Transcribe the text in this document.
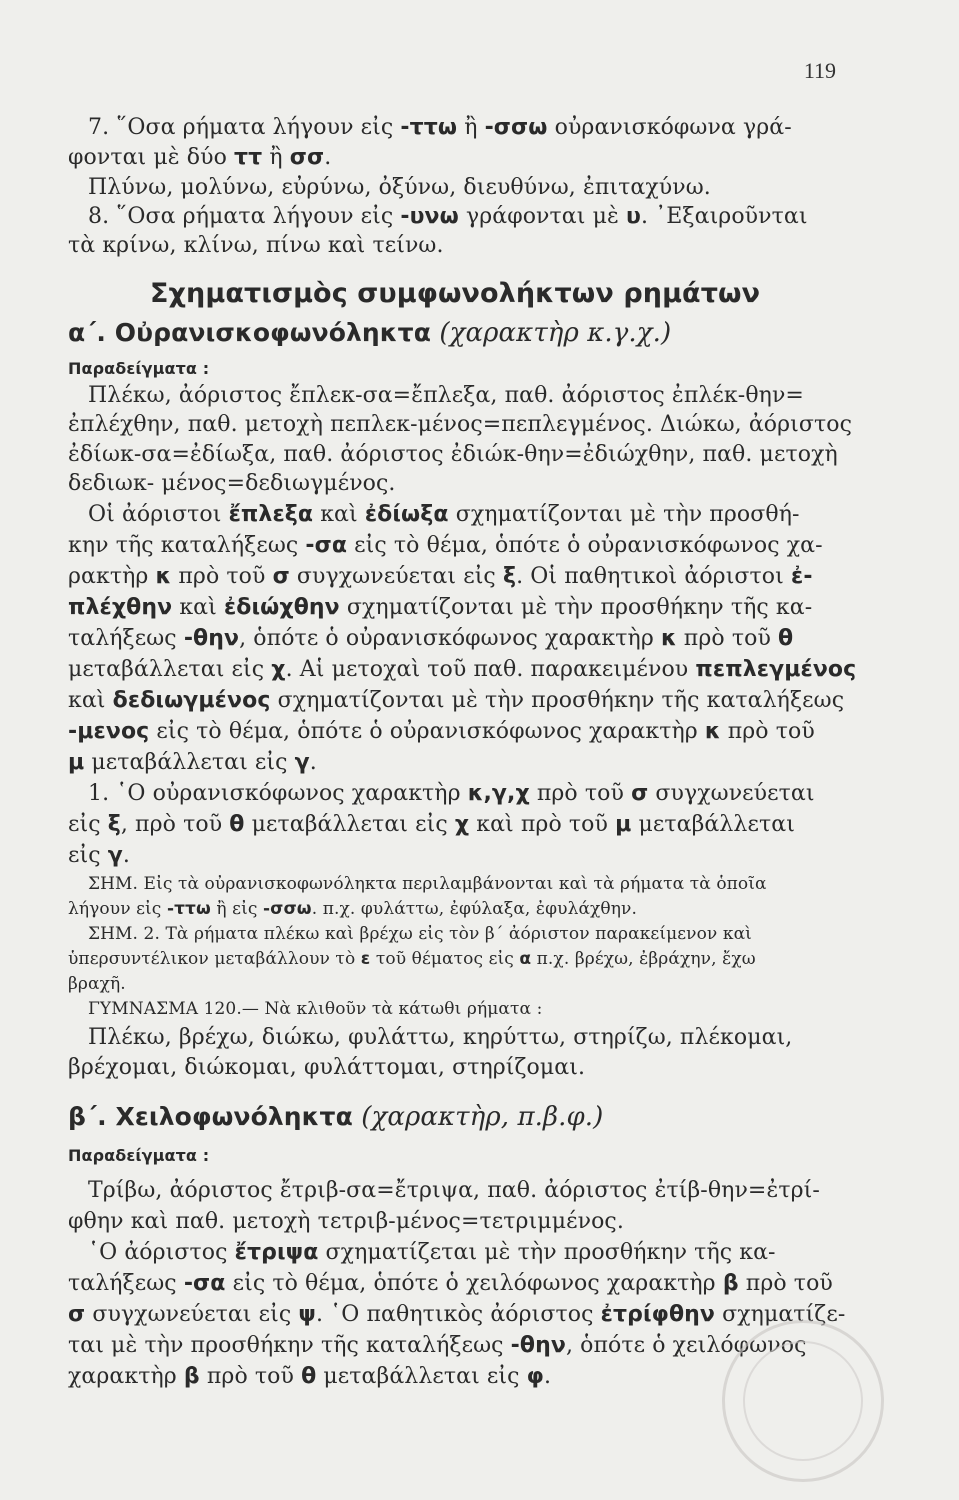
119
7. ῞Οσα ρήματα λήγουν εἰς -ττω ἢ -σσω οὐρανισκόφωνα γρά-
φονται μὲ δύο ττ ἢ σσ.
Πλύνω, μολύνω, εὐρύνω, ὀξύνω, διευθύνω, ἐπιταχύνω.
8. ῞Οσα ρήματα λήγουν εἰς -υνω γράφονται μὲ υ. ᾿Εξαιροῦνται
τὰ κρίνω, κλίνω, πίνω καὶ τείνω.
Σχηματισμὸς συμφωνολήκτων ρημάτων
α΄. Οὐρανισκοφωνόληκτα (χαρακτὴρ κ.γ.χ.)
Παραδείγματα :
Πλέκω, ἀόριστος ἔπλεκ-σα=ἔπλεξα, παθ. ἀόριστος ἐπλέκ-θην=
ἐπλέχθην, παθ. μετοχὴ πεπλεκ-μένος=πεπλεγμένος. Διώκω, ἀόριστος
ἐδίωκ-σα=ἐδίωξα, παθ. ἀόριστος ἐδιώκ-θην=ἐδιώχθην, παθ. μετοχὴ
δεδιωκ- μένος=δεδιωγμένος.
Οἱ ἀόριστοι ἔπλεξα καὶ ἐδίωξα σχηματίζονται μὲ τὴν προσθή-
κην τῆς καταλήξεως -σα εἰς τὸ θέμα, ὁπότε ὁ οὐρανισκόφωνος χα-
ρακτὴρ κ πρὸ τοῦ σ συγχωνεύεται εἰς ξ. Οἱ παθητικοὶ ἀόριστοι ἐ-
πλέχθην καὶ ἐδιώχθην σχηματίζονται μὲ τὴν προσθήκην τῆς κα-
ταλήξεως -θην, ὁπότε ὁ οὐρανισκόφωνος χαρακτὴρ κ πρὸ τοῦ θ
μεταβάλλεται εἰς χ. Αἱ μετοχαὶ τοῦ παθ. παρακειμένου πεπλεγμένος
καὶ δεδιωγμένος σχηματίζονται μὲ τὴν προσθήκην τῆς καταλήξεως
-μενος εἰς τὸ θέμα, ὁπότε ὁ οὐρανισκόφωνος χαρακτὴρ κ πρὸ τοῦ
μ μεταβάλλεται εἰς γ.
1. ῾Ο οὐρανισκόφωνος χαρακτὴρ κ,γ,χ πρὸ τοῦ σ συγχωνεύεται
εἰς ξ, πρὸ τοῦ θ μεταβάλλεται εἰς χ καὶ πρὸ τοῦ μ μεταβάλλεται
εἰς γ.
ΣΗΜ. Εἰς τὰ οὐρανισκοφωνόληκτα περιλαμβάνονται καὶ τὰ ρήματα τὰ ὁποῖα
λήγουν εἰς -ττω ἢ εἰς -σσω. π.χ. φυλάττω, ἐφύλαξα, ἐφυλάχθην.
ΣΗΜ. 2. Τὰ ρήματα πλέκω καὶ βρέχω εἰς τὸν β΄ ἀόριστον παρακείμενον καὶ
ὑπερσυντέλικον μεταβάλλουν τὸ ε τοῦ θέματος εἰς α π.χ. βρέχω, ἐβράχην, ἔχω
βραχῆ.
ΓΥΜΝΑΣΜΑ 120.— Νὰ κλιθοῦν τὰ κάτωθι ρήματα :
Πλέκω, βρέχω, διώκω, φυλάττω, κηρύττω, στηρίζω, πλέκομαι,
βρέχομαι, διώκομαι, φυλάττομαι, στηρίζομαι.
β΄. Χειλοφωνόληκτα (χαρακτὴρ, π.β.φ.)
Παραδείγματα :
Τρίβω, ἀόριστος ἔτριβ-σα=ἔτριψα, παθ. ἀόριστος ἐτίβ-θην=ἐτρί-
φθην καὶ παθ. μετοχὴ τετριβ-μένος=τετριμμένος.
῾Ο ἀόριστος ἔτριψα σχηματίζεται μὲ τὴν προσθήκην τῆς κα-
ταλήξεως -σα εἰς τὸ θέμα, ὁπότε ὁ χειλόφωνος χαρακτὴρ β πρὸ τοῦ
σ συγχωνεύεται εἰς ψ. ῾Ο παθητικὸς ἀόριστος ἐτρίφθην σχηματίζε-
ται μὲ τὴν προσθήκην τῆς καταλήξεως -θην, ὁπότε ὁ χειλόφωνος
χαρακτὴρ β πρὸ τοῦ θ μεταβάλλεται εἰς φ.
